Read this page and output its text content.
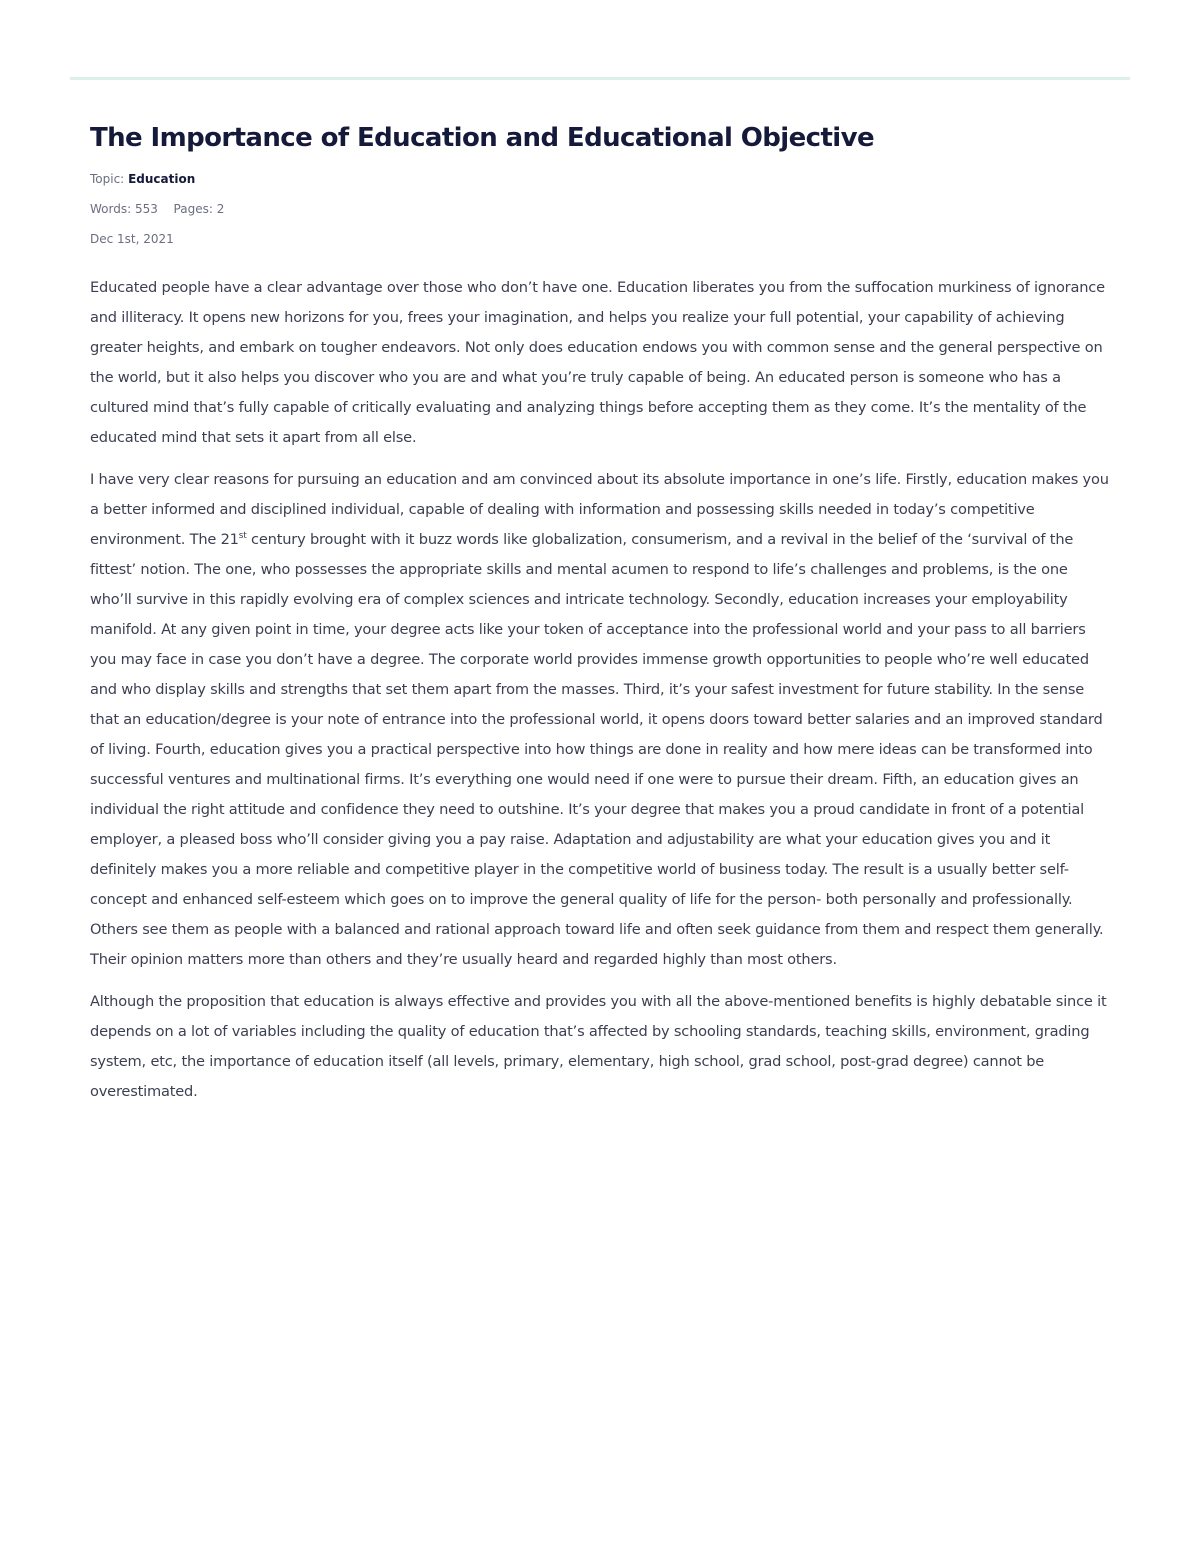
The Importance of Education and Educational Objective

Topic: Education

Words: 553 Pages: 2

Dec 1st, 2021

Educated people have a clear advantage over those who don’t have one. Education liberates you from the suffocation murkiness of ignorance and illiteracy. It opens new horizons for you, frees your imagination, and helps you realize your full potential, your capability of achieving greater heights, and embark on tougher endeavors. Not only does education endows you with common sense and the general perspective on the world, but it also helps you discover who you are and what you’re truly capable of being. An educated person is someone who has a cultured mind that’s fully capable of critically evaluating and analyzing things before accepting them as they come. It’s the mentality of the educated mind that sets it apart from all else.

I have very clear reasons for pursuing an education and am convinced about its absolute importance in one’s life. Firstly, education makes you a better informed and disciplined individual, capable of dealing with information and possessing skills needed in today’s competitive environment. The 21st century brought with it buzz words like globalization, consumerism, and a revival in the belief of the ‘survival of the fittest’ notion. The one, who possesses the appropriate skills and mental acumen to respond to life’s challenges and problems, is the one who’ll survive in this rapidly evolving era of complex sciences and intricate technology. Secondly, education increases your employability manifold. At any given point in time, your degree acts like your token of acceptance into the professional world and your pass to all barriers you may face in case you don’t have a degree. The corporate world provides immense growth opportunities to people who’re well educated and who display skills and strengths that set them apart from the masses. Third, it’s your safest investment for future stability. In the sense that an education/degree is your note of entrance into the professional world, it opens doors toward better salaries and an improved standard of living. Fourth, education gives you a practical perspective into how things are done in reality and how mere ideas can be transformed into successful ventures and multinational firms. It’s everything one would need if one were to pursue their dream. Fifth, an education gives an individual the right attitude and confidence they need to outshine. It’s your degree that makes you a proud candidate in front of a potential employer, a pleased boss who’ll consider giving you a pay raise. Adaptation and adjustability are what your education gives you and it definitely makes you a more reliable and competitive player in the competitive world of business today. The result is a usually better self-concept and enhanced self-esteem which goes on to improve the general quality of life for the person- both personally and professionally. Others see them as people with a balanced and rational approach toward life and often seek guidance from them and respect them generally. Their opinion matters more than others and they’re usually heard and regarded highly than most others.

Although the proposition that education is always effective and provides you with all the above-mentioned benefits is highly debatable since it depends on a lot of variables including the quality of education that’s affected by schooling standards, teaching skills, environment, grading system, etc, the importance of education itself (all levels, primary, elementary, high school, grad school, post-grad degree) cannot be overestimated.
